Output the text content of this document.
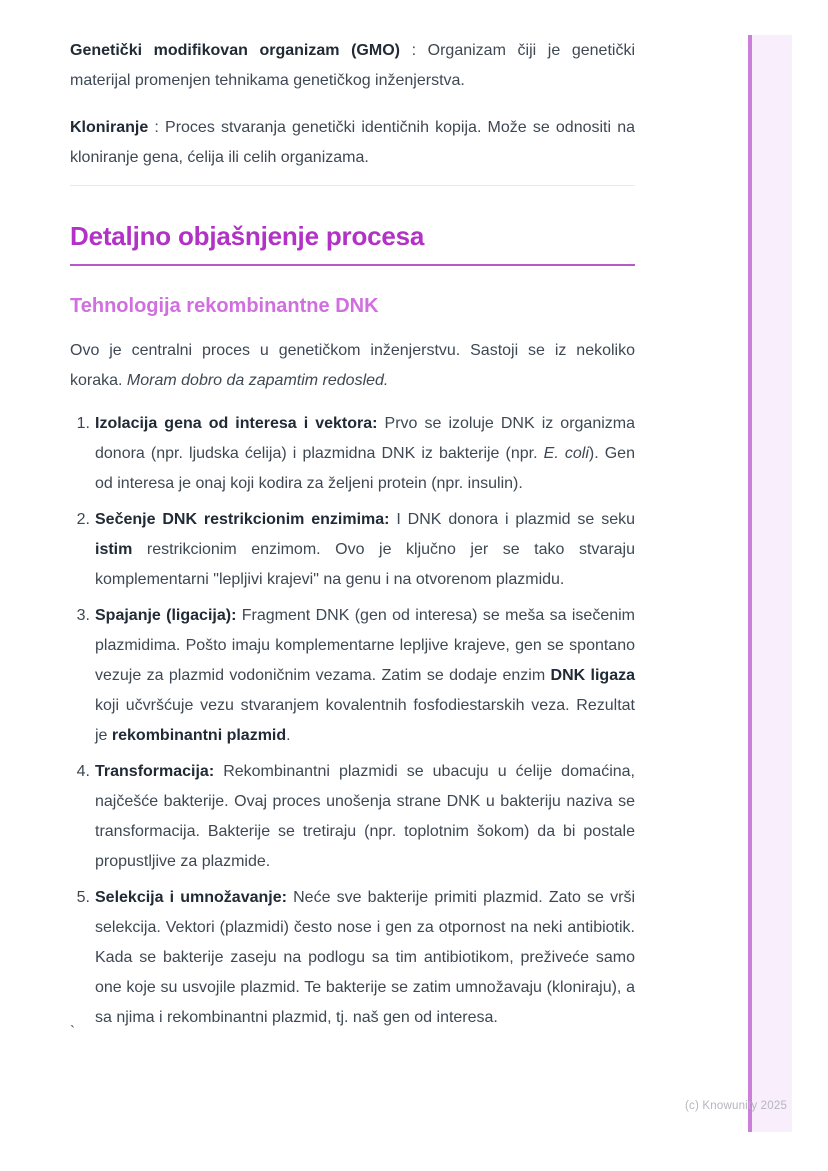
Genetički modifikovan organizam (GMO) : Organizam čiji je genetički materijal promenjen tehnikama genetičkog inženjerstva.

Kloniranje : Proces stvaranja genetički identičnih kopija. Može se odnositi na kloniranje gena, ćelija ili celih organizama.

Detaljno objašnjenje procesa
Tehnologija rekombinantne DNK

Ovo je centralni proces u genetičkom inženjerstvu. Sastoji se iz nekoliko koraka. Moram dobro da zapamtim redosled.

1. Izolacija gena od interesa i vektora: Prvo se izoluje DNK iz organizma donora (npr. ljudska ćelija) i plazmidna DNK iz bakterije (npr. E. coli). Gen od interesa je onaj koji kodira za željeni protein (npr. insulin).
2. Sečenje DNK restrikcionim enzimima: I DNK donora i plazmid se seku istim restrikcionim enzimom. Ovo je ključno jer se tako stvaraju komplementarni "lepljivi krajevi" na genu i na otvorenom plazmidu.
3. Spajanje (ligacija): Fragment DNK (gen od interesa) se meša sa isečenim plazmidima. Pošto imaju komplementarne lepljive krajeve, gen se spontano vezuje za plazmid vodoničnim vezama. Zatim se dodaje enzim DNK ligaza koji učvršćuje vezu stvaranjem kovalentnih fosfodiestarskih veza. Rezultat je rekombinantni plazmid.
4. Transformacija: Rekombinantni plazmidi se ubacuju u ćelije domaćina, najčešće bakterije. Ovaj proces unošenja strane DNK u bakteriju naziva se transformacija. Bakterije se tretiraju (npr. toplotnim šokom) da bi postale propustljive za plazmide.
5. Selekcija i umnožavanje: Neće sve bakterije primiti plazmid. Zato se vrši selekcija. Vektori (plazmidi) često nose i gen za otpornost na neki antibiotik. Kada se bakterije zaseju na podlogu sa tim antibiotikom, preživeće samo one koje su usvojile plazmid. Te bakterije se zatim umnožavaju (kloniraju), a sa njima i rekombinantni plazmid, tj. naš gen od interesa.
`
(c) Knowunity 2025
